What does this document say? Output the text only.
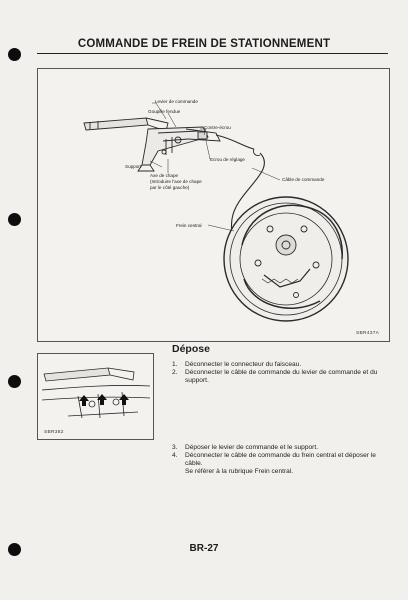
COMMANDE DE FREIN DE STATIONNEMENT
Levier de commande
Goupille fendue
Contre-écrou
Ecrou de réglage
Support
Axe de chape
(Introduire l'axe de chape
par le côté gauche)
Câble de commande
Frein central
SBR437A
SBR382
Dépose
1. Déconnecter le connecteur du faisceau.
2. Déconnecter le câble de commande du levier de commande et du support.
3. Déposer le levier de commande et le support.
4. Déconnecter le câble de commande du frein central et déposer le câble.
Se référer à la rubrique Frein central.
BR-27
